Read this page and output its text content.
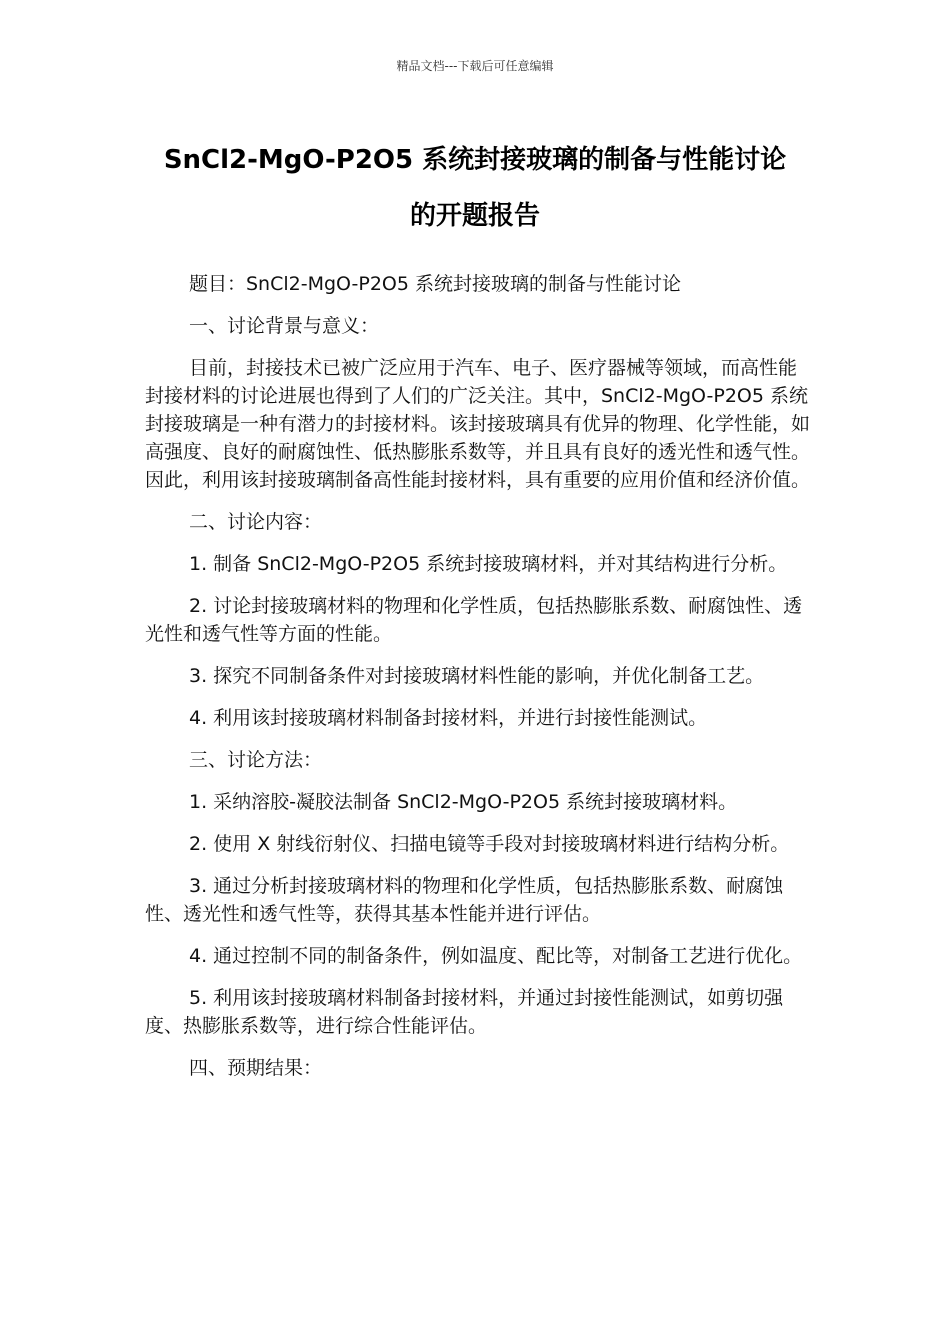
精品文档---下载后可任意编辑
SnCl2-MgO-P2O5 系统封接玻璃的制备与性能讨论
的开题报告

题目：SnCl2-MgO-P2O5 系统封接玻璃的制备与性能讨论

一、讨论背景与意义：

目前，封接技术已被广泛应用于汽车、电子、医疗器械等领域，而高性能封接材料的讨论进展也得到了人们的广泛关注。其中，SnCl2-MgO-P2O5 系统封接玻璃是一种有潜力的封接材料。该封接玻璃具有优异的物理、化学性能，如高强度、良好的耐腐蚀性、低热膨胀系数等，并且具有良好的透光性和透气性。因此，利用该封接玻璃制备高性能封接材料，具有重要的应用价值和经济价值。

二、讨论内容：

1. 制备 SnCl2-MgO-P2O5 系统封接玻璃材料，并对其结构进行分析。

2. 讨论封接玻璃材料的物理和化学性质，包括热膨胀系数、耐腐蚀性、透光性和透气性等方面的性能。

3. 探究不同制备条件对封接玻璃材料性能的影响，并优化制备工艺。

4. 利用该封接玻璃材料制备封接材料，并进行封接性能测试。

三、讨论方法：

1. 采纳溶胶-凝胶法制备 SnCl2-MgO-P2O5 系统封接玻璃材料。

2. 使用 X 射线衍射仪、扫描电镜等手段对封接玻璃材料进行结构分析。

3. 通过分析封接玻璃材料的物理和化学性质，包括热膨胀系数、耐腐蚀性、透光性和透气性等，获得其基本性能并进行评估。

4. 通过控制不同的制备条件，例如温度、配比等，对制备工艺进行优化。

5. 利用该封接玻璃材料制备封接材料，并通过封接性能测试，如剪切强度、热膨胀系数等，进行综合性能评估。

四、预期结果：
